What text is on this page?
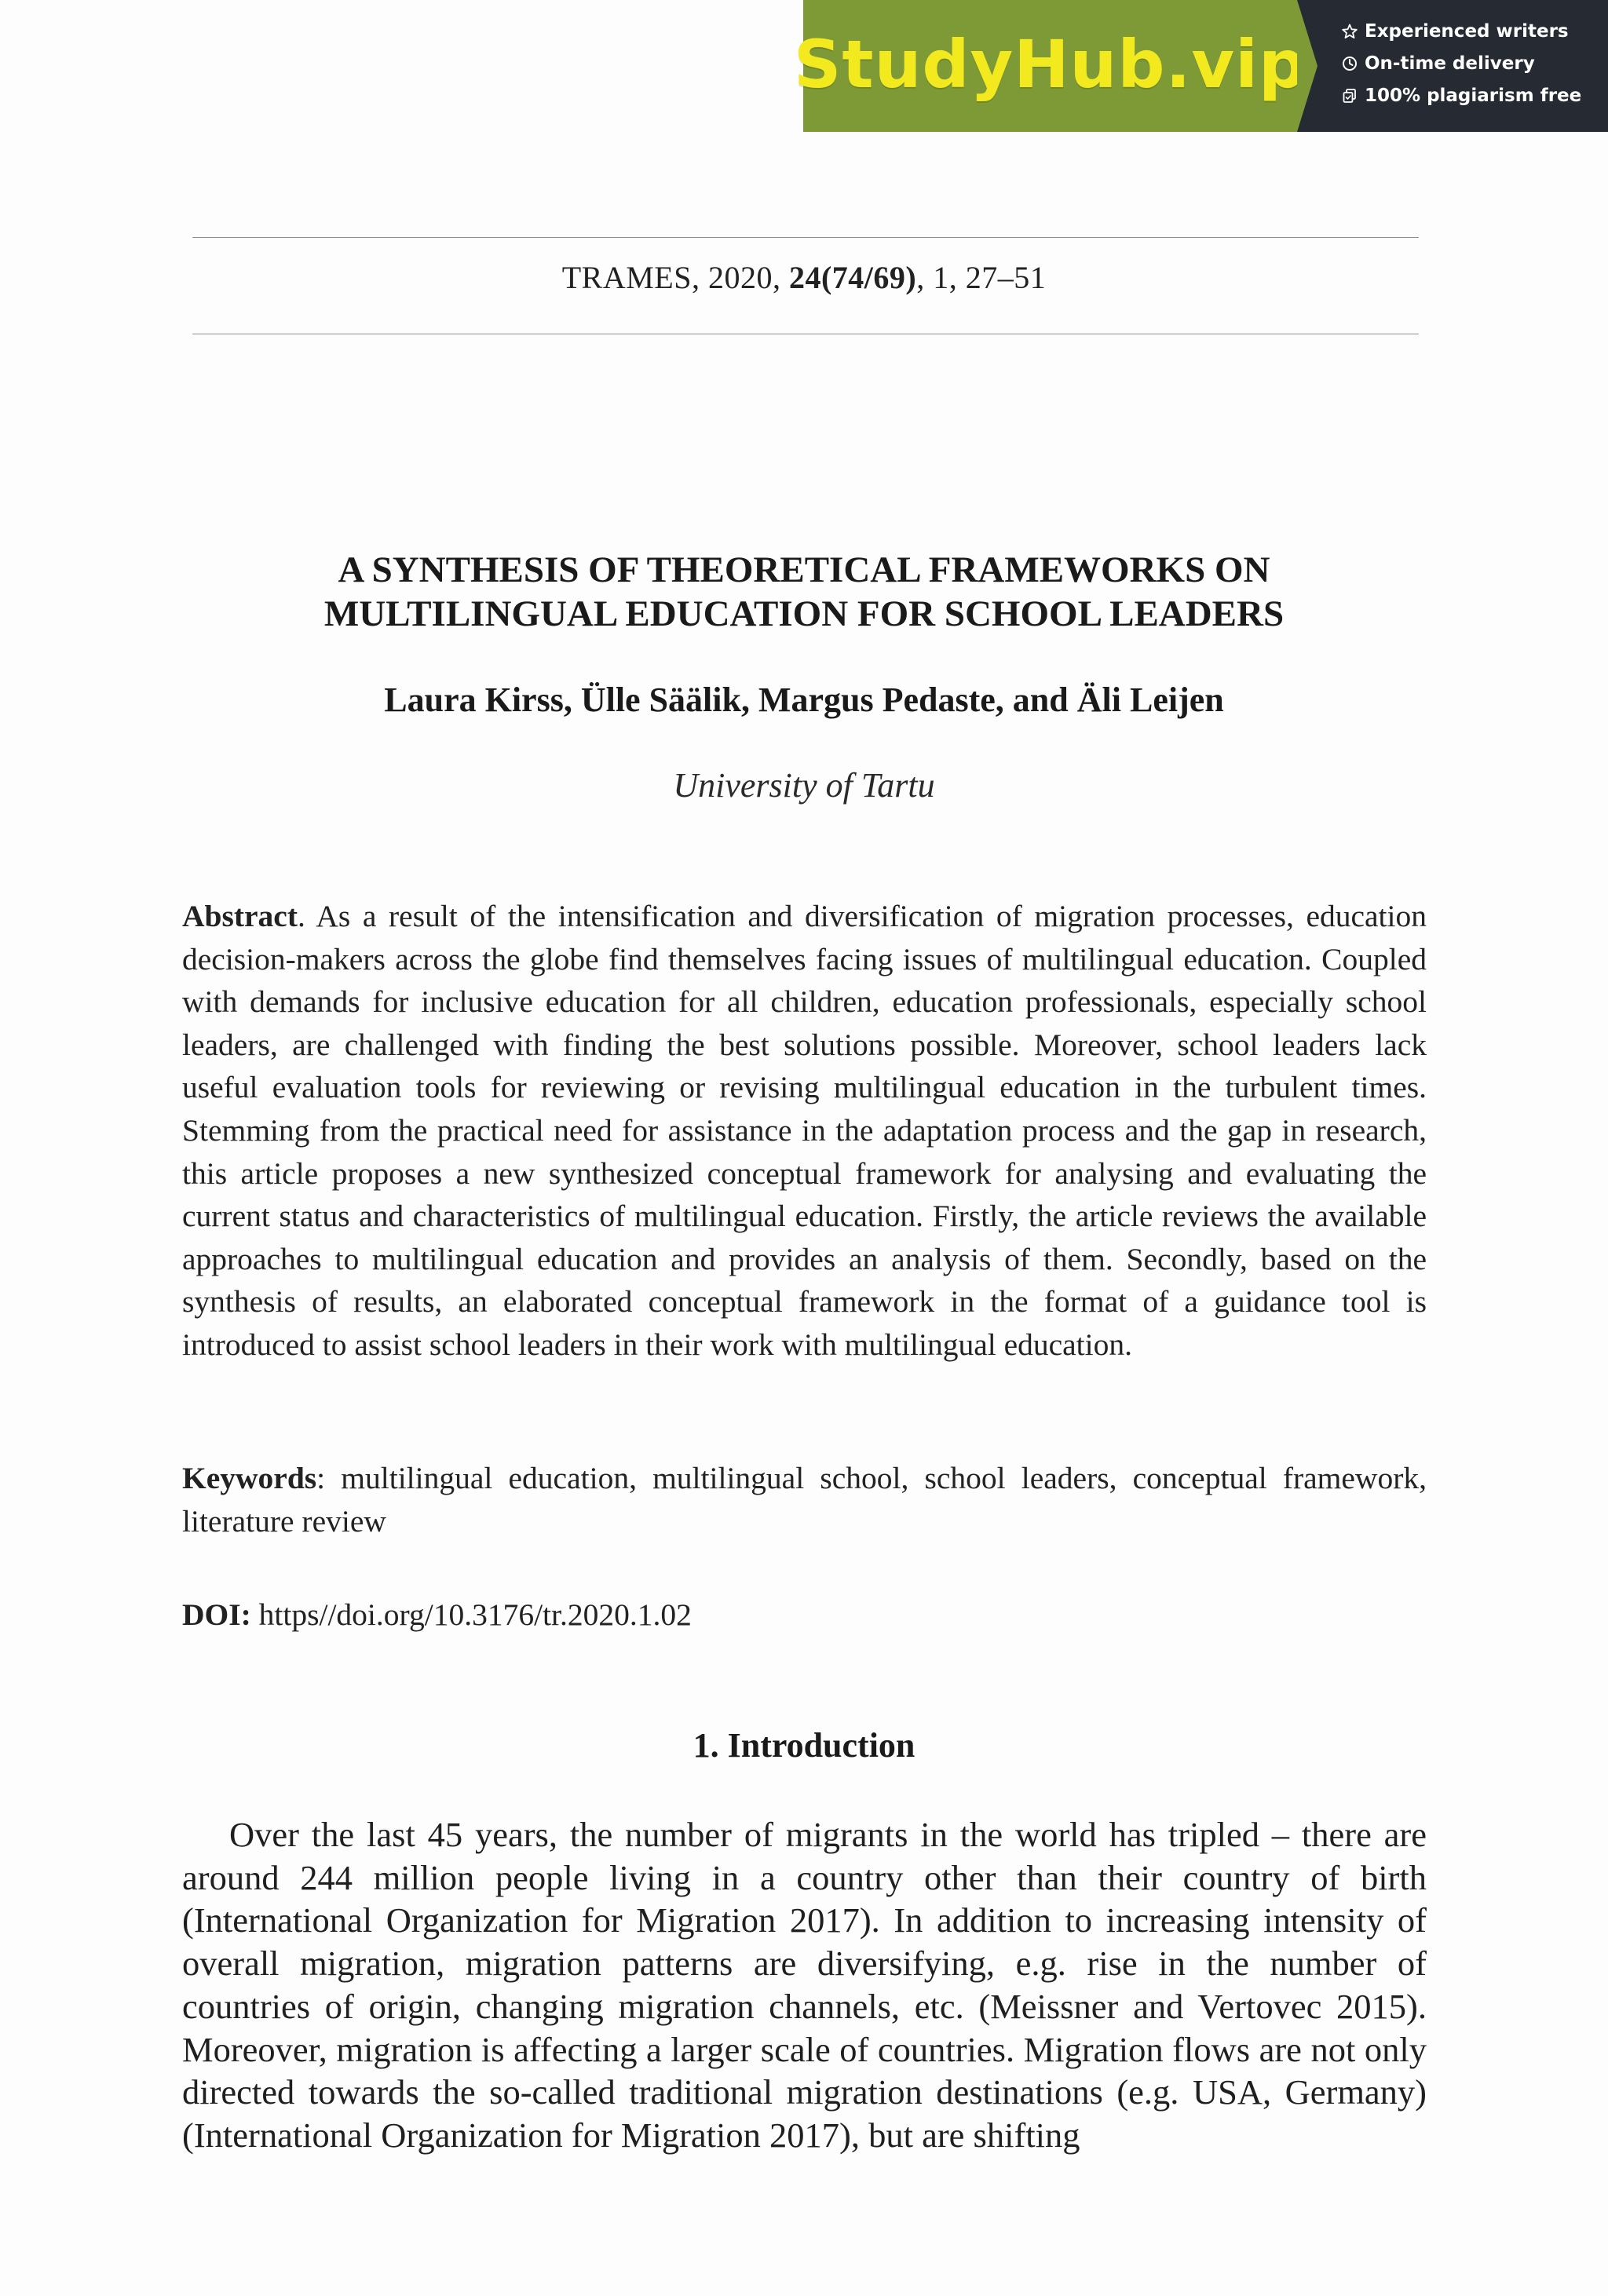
StudyHub.vip	Experienced writers
On-time delivery
100% plagiarism free
TRAMES, 2020, 24(74/69), 1, 27–51
A SYNTHESIS OF THEORETICAL FRAMEWORKS ON
MULTILINGUAL EDUCATION FOR SCHOOL LEADERS
Laura Kirss, Ülle Säälik, Margus Pedaste, and Äli Leijen
University of Tartu
Abstract. As a result of the intensification and diversification of migration processes, education decision-makers across the globe find themselves facing issues of multilingual education. Coupled with demands for inclusive education for all children, education professionals, especially school leaders, are challenged with finding the best solutions possible. Moreover, school leaders lack useful evaluation tools for reviewing or revising multilingual education in the turbulent times. Stemming from the practical need for assistance in the adaptation process and the gap in research, this article proposes a new synthesized conceptual framework for analysing and evaluating the current status and characteristics of multilingual education. Firstly, the article reviews the available approaches to multilingual education and provides an analysis of them. Secondly, based on the synthesis of results, an elaborated conceptual framework in the format of a guidance tool is introduced to assist school leaders in their work with multilingual education.
Keywords: multilingual education, multilingual school, school leaders, conceptual framework, literature review
DOI: https//doi.org/10.3176/tr.2020.1.02
1. Introduction
Over the last 45 years, the number of migrants in the world has tripled – there are around 244 million people living in a country other than their country of birth (International Organization for Migration 2017). In addition to increasing intensity of overall migration, migration patterns are diversifying, e.g. rise in the number of countries of origin, changing migration channels, etc. (Meissner and Vertovec 2015). Moreover, migration is affecting a larger scale of countries. Migration flows are not only directed towards the so-called traditional migration destinations (e.g. USA, Germany) (International Organization for Migration 2017), but are shifting
